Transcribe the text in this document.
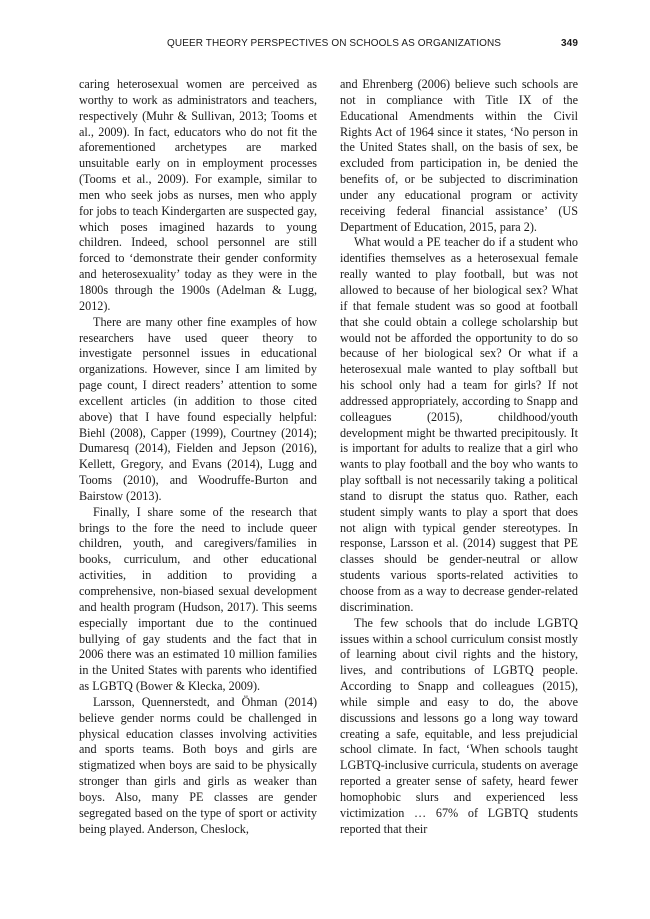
QUEER THEORY PERSPECTIVES ON SCHOOLS AS ORGANIZATIONS	349

caring heterosexual women are perceived as worthy to work as administrators and teachers, respectively (Muhr & Sullivan, 2013; Tooms et al., 2009). In fact, educators who do not fit the aforementioned archetypes are marked unsuitable early on in employment processes (Tooms et al., 2009). For example, similar to men who seek jobs as nurses, men who apply for jobs to teach Kindergarten are suspected gay, which poses imagined hazards to young children. Indeed, school personnel are still forced to ‘demonstrate their gender conformity and heterosexuality’ today as they were in the 1800s through the 1900s (Adelman & Lugg, 2012).

There are many other fine examples of how researchers have used queer theory to investigate personnel issues in educational organizations. However, since I am limited by page count, I direct readers’ attention to some excellent articles (in addition to those cited above) that I have found especially helpful: Biehl (2008), Capper (1999), Courtney (2014); Dumaresq (2014), Fielden and Jepson (2016), Kellett, Gregory, and Evans (2014), Lugg and Tooms (2010), and Woodruffe-Burton and Bairstow (2013).

Finally, I share some of the research that brings to the fore the need to include queer children, youth, and caregivers/families in books, curriculum, and other educational activities, in addition to providing a comprehensive, non-biased sexual development and health program (Hudson, 2017). This seems especially important due to the continued bullying of gay students and the fact that in 2006 there was an estimated 10 million families in the United States with parents who identified as LGBTQ (Bower & Klecka, 2009).

Larsson, Quennerstedt, and Öhman (2014) believe gender norms could be challenged in physical education classes involving activities and sports teams. Both boys and girls are stigmatized when boys are said to be physically stronger than girls and girls as weaker than boys. Also, many PE classes are gender segregated based on the type of sport or activity being played. Anderson, Cheslock,

and Ehrenberg (2006) believe such schools are not in compliance with Title IX of the Educational Amendments within the Civil Rights Act of 1964 since it states, ‘No person in the United States shall, on the basis of sex, be excluded from participation in, be denied the benefits of, or be subjected to discrimination under any educational program or activity receiving federal financial assistance’ (US Department of Education, 2015, para 2).

What would a PE teacher do if a student who identifies themselves as a heterosexual female really wanted to play football, but was not allowed to because of her biological sex? What if that female student was so good at football that she could obtain a college scholarship but would not be afforded the opportunity to do so because of her biological sex? Or what if a heterosexual male wanted to play softball but his school only had a team for girls? If not addressed appropriately, according to Snapp and colleagues (2015), childhood/youth development might be thwarted precipitously. It is important for adults to realize that a girl who wants to play football and the boy who wants to play softball is not necessarily taking a political stand to disrupt the status quo. Rather, each student simply wants to play a sport that does not align with typical gender stereotypes. In response, Larsson et al. (2014) suggest that PE classes should be gender-neutral or allow students various sports-related activities to choose from as a way to decrease gender-related discrimination.

The few schools that do include LGBTQ issues within a school curriculum consist mostly of learning about civil rights and the history, lives, and contributions of LGBTQ people. According to Snapp and colleagues (2015), while simple and easy to do, the above discussions and lessons go a long way toward creating a safe, equitable, and less prejudicial school climate. In fact, ‘When schools taught LGBTQ-inclusive curricula, students on average reported a greater sense of safety, heard fewer homophobic slurs and experienced less victimization … 67% of LGBTQ students reported that their
